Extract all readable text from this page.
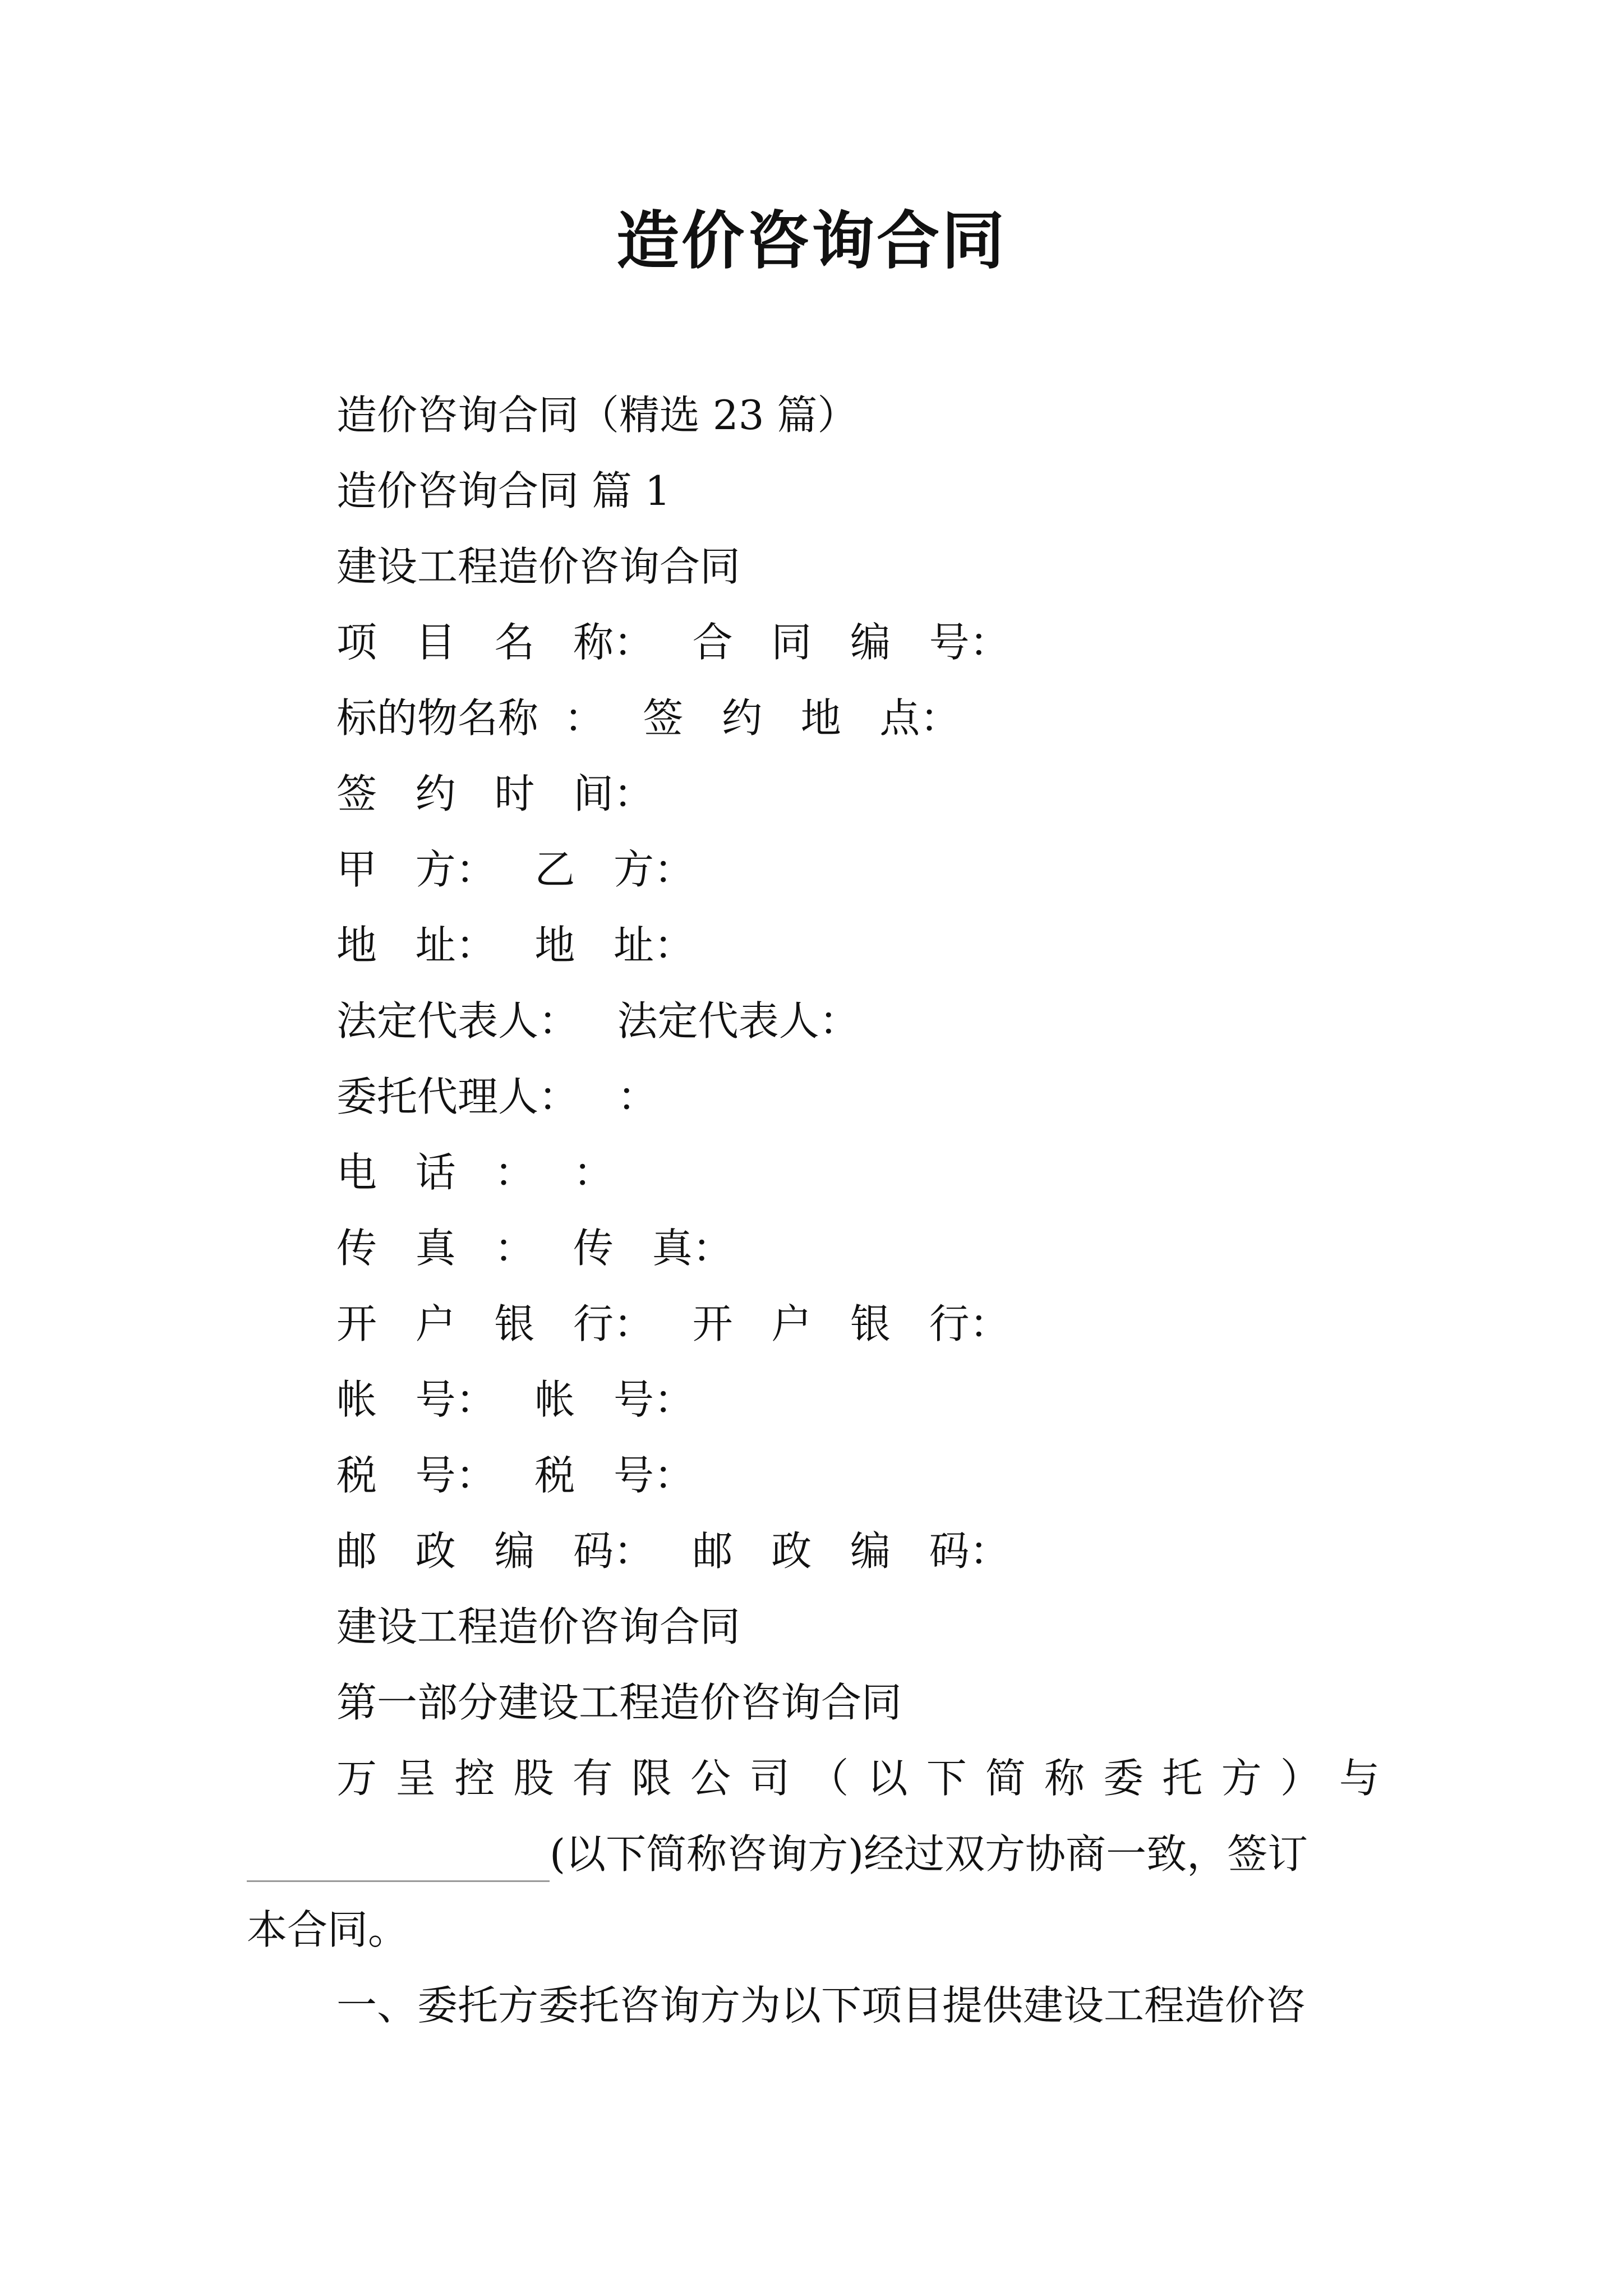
造价咨询合同
造价咨询合同（精选 23 篇）
造价咨询合同 篇 1
建设工程造价咨询合同
项   目   名   称：   合   同   编   号：
标的物名称  ：   签   约   地   点：
签   约   时   间：
甲   方：   乙   方：
地   址：   地   址：
法定代表人：   法定代表人：
委托代理人：   ：
电   话   ：   ：
传   真   ：   传   真：
开   户   银   行：   开   户   银   行：
帐   号：   帐   号：
税   号：   税   号：
邮   政   编   码：   邮   政   编   码：
建设工程造价咨询合同
第一部分建设工程造价咨询合同
万 呈 控 股 有 限 公 司 （ 以 下 简 称 委 托 方 ） 与
(以下简称咨询方)经过双方协商一致，签订
本合同。
一、委托方委托咨询方为以下项目提供建设工程造价咨
